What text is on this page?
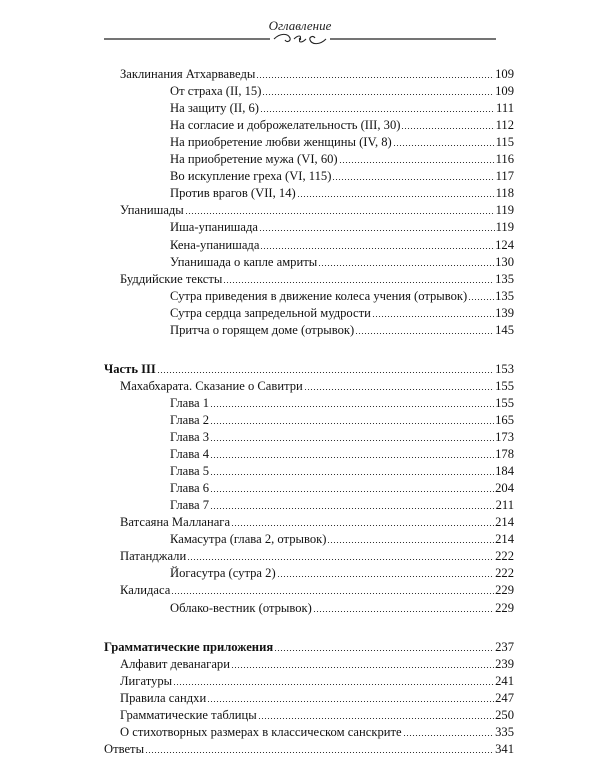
Оглавление
Заклинания Атхарваведы	109
От страха (II, 15)	109
На защиту (II, 6)	111
На согласие и доброжелательность (III, 30)	112
На приобретение любви женщины (IV, 8)	115
На приобретение мужа (VI, 60)	116
Во искупление греха (VI, 115)	117
Против врагов (VII, 14)	118
Упанишады	119
Иша-упанишада	119
Кена-упанишада	124
Упанишада о капле амриты	130
Буддийские тексты	135
Сутра приведения в движение колеса учения (отрывок) 135
Сутра сердца запредельной мудрости	139
Притча о горящем доме (отрывок)	145
Часть III	153
Махабхарата. Сказание о Савитри	155
Глава 1	155
Глава 2	165
Глава 3	173
Глава 4	178
Глава 5	184
Глава 6	204
Глава 7	211
Ватсаяна Малланага	214
Камасутра (глава 2, отрывок)	214
Патанджали	222
Йогасутра (сутра 2)	222
Калидаса	229
Облако-вестник (отрывок)	229
Грамматические приложения	237
Алфавит деванагари	239
Лигатуры	241
Правила сандхи	247
Грамматические таблицы	250
О стихотворных размерах в классическом санскрите	335
Ответы	341
